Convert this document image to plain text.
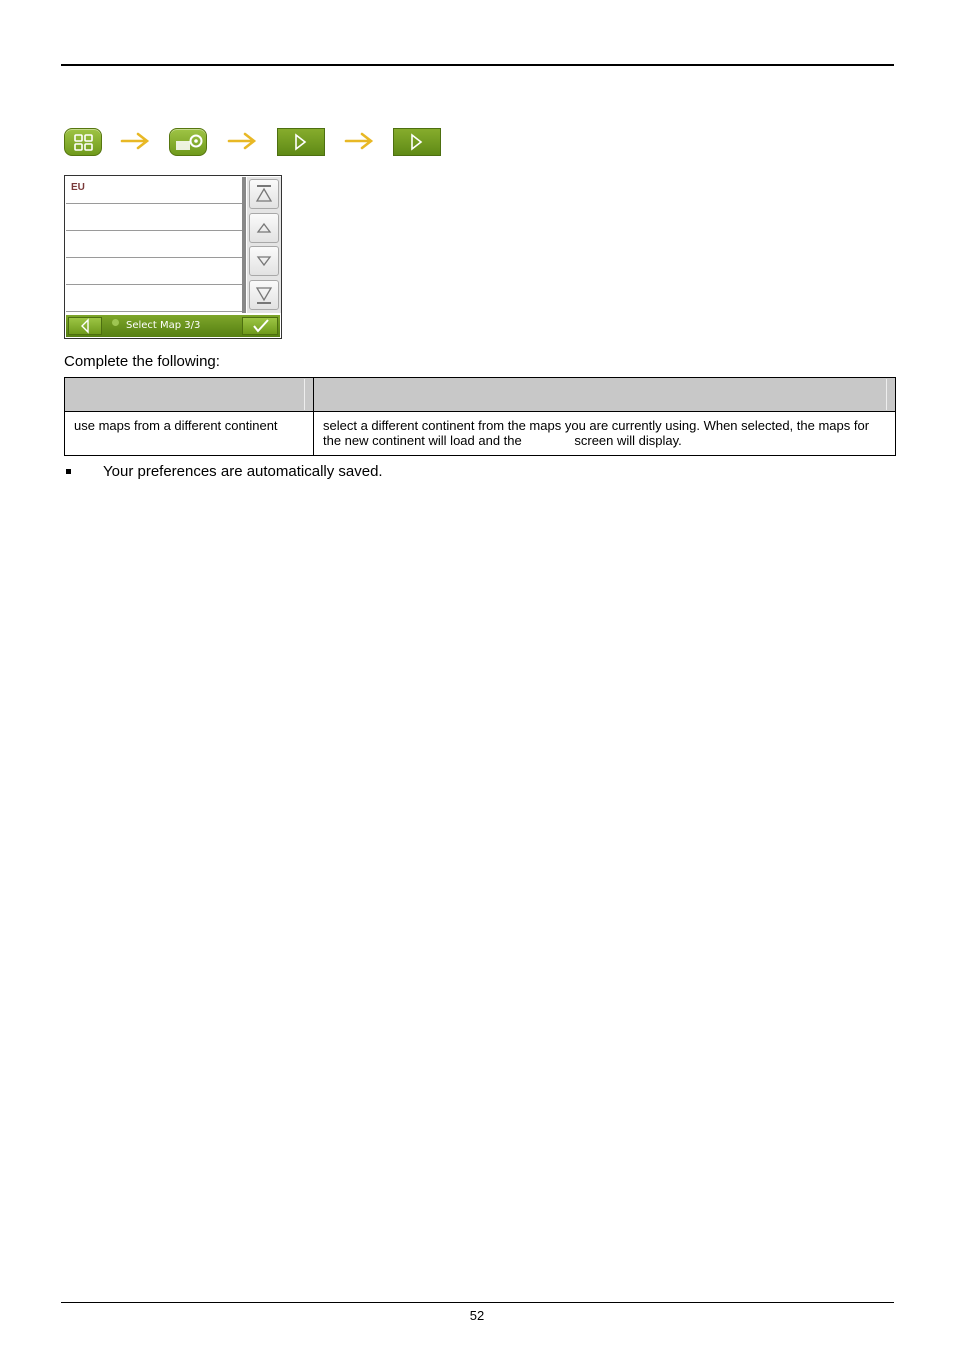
EU
Select Map 3/3
Complete the following:

use maps from a different continent	select a different continent from the maps you are currently using. When selected, the maps for the new continent will load and the screen will display.
Your preferences are automatically saved.
52
